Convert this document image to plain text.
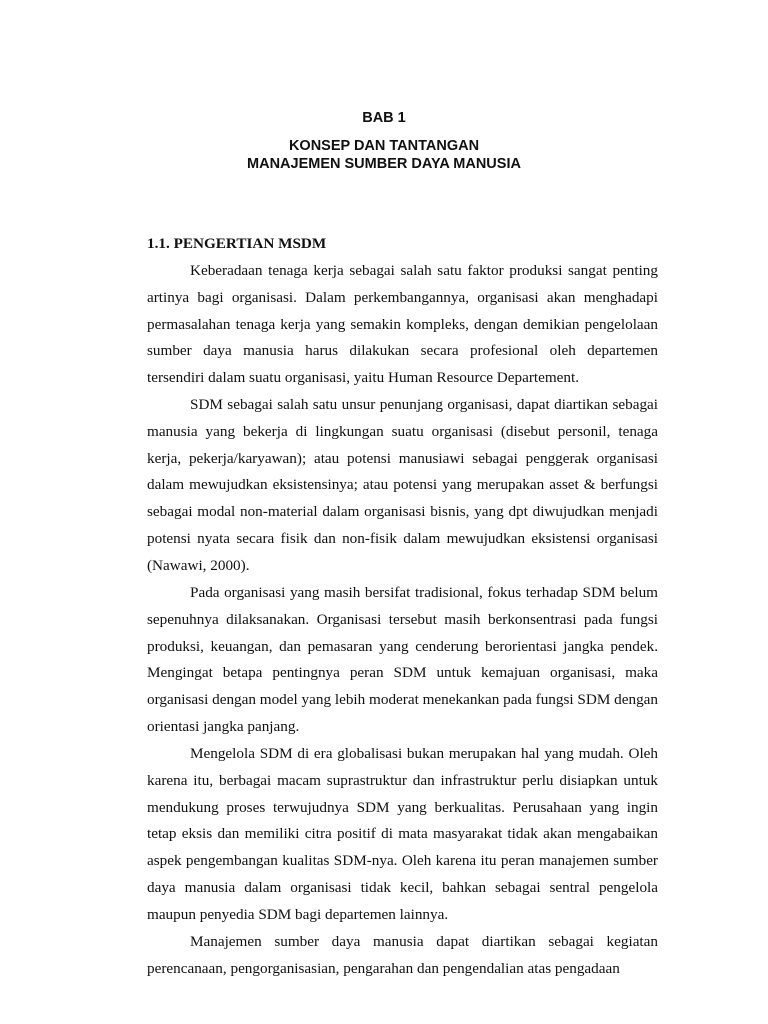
BAB 1
KONSEP DAN TANTANGAN
MANAJEMEN SUMBER DAYA MANUSIA
1.1. PENGERTIAN MSDM

Keberadaan tenaga kerja sebagai salah satu faktor produksi sangat penting artinya bagi organisasi. Dalam perkembangannya, organisasi akan menghadapi permasalahan tenaga kerja yang semakin kompleks, dengan demikian pengelolaan sumber daya manusia harus dilakukan secara profesional oleh departemen tersendiri dalam suatu organisasi, yaitu Human Resource Departement.

SDM sebagai salah satu unsur penunjang organisasi, dapat diartikan sebagai manusia yang bekerja di lingkungan suatu organisasi (disebut personil, tenaga kerja, pekerja/karyawan); atau potensi manusiawi sebagai penggerak organisasi dalam mewujudkan eksistensinya; atau potensi yang merupakan asset & berfungsi sebagai modal non-material dalam organisasi bisnis, yang dpt diwujudkan menjadi potensi nyata secara fisik dan non-fisik dalam mewujudkan eksistensi organisasi (Nawawi, 2000).

Pada organisasi yang masih bersifat tradisional, fokus terhadap SDM belum sepenuhnya dilaksanakan. Organisasi tersebut masih berkonsentrasi pada fungsi produksi, keuangan, dan pemasaran yang cenderung berorientasi jangka pendek. Mengingat betapa pentingnya peran SDM untuk kemajuan organisasi, maka organisasi dengan model yang lebih moderat menekankan pada fungsi SDM dengan orientasi jangka panjang.

Mengelola SDM di era globalisasi bukan merupakan hal yang mudah. Oleh karena itu, berbagai macam suprastruktur dan infrastruktur perlu disiapkan untuk mendukung proses terwujudnya SDM yang berkualitas. Perusahaan yang ingin tetap eksis dan memiliki citra positif di mata masyarakat tidak akan mengabaikan aspek pengembangan kualitas SDM-nya. Oleh karena itu peran manajemen sumber daya manusia dalam organisasi tidak kecil, bahkan sebagai sentral pengelola maupun penyedia SDM bagi departemen lainnya.

Manajemen sumber daya manusia dapat diartikan sebagai kegiatan perencanaan, pengorganisasian, pengarahan dan pengendalian atas pengadaan
